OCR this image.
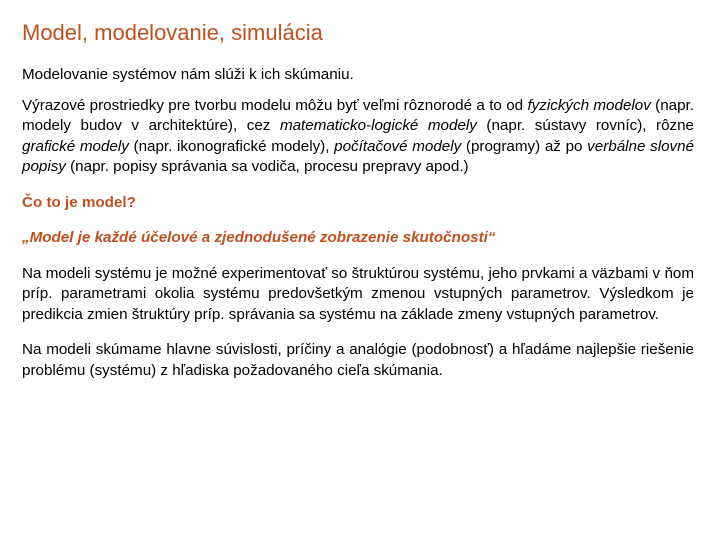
Model, modelovanie, simulácia

Modelovanie systémov nám slúži k ich skúmaniu.

Výrazové prostriedky pre tvorbu modelu môžu byť veľmi rôznorodé a to od fyzických modelov (napr. modely budov v architektúre), cez matematicko-logické modely (napr. sústavy rovníc), rôzne grafické modely (napr. ikonografické modely), počítačové modely (programy) až po verbálne slovné popisy (napr. popisy správania sa vodiča, procesu prepravy apod.)

Čo to je model?

„Model je každé účelové a zjednodušené zobrazenie skutočnosti“

Na modeli systému je možné experimentovať so štruktúrou systému, jeho prvkami a väzbami v ňom príp. parametrami okolia systému predovšetkým zmenou vstupných parametrov. Výsledkom je predikcia zmien štruktúry príp. správania sa systému na základe zmeny vstupných parametrov.

Na modeli skúmame hlavne súvislosti, príčiny a analógie (podobnosť) a hľadáme najlepšie riešenie problému (systému) z hľadiska požadovaného cieľa skúmania.
